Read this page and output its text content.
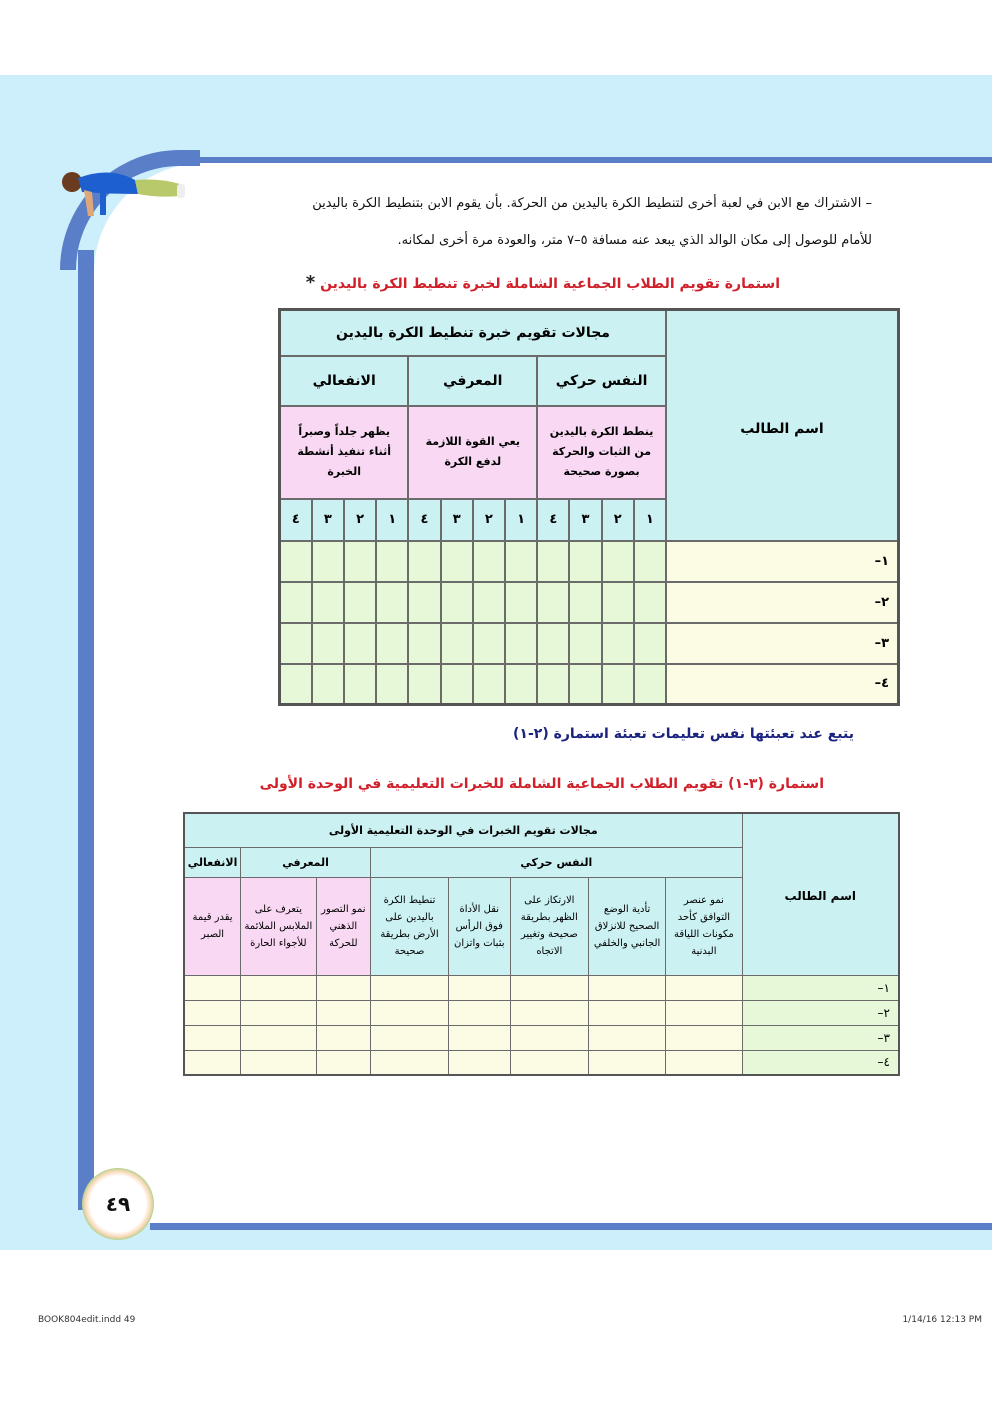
– الاشتراك مع الابن في لعبة أخرى لتنطيط الكرة باليدين من الحركة. بأن يقوم الابن بتنطيط الكرة باليدين
للأمام للوصول إلى مكان الوالد الذي يبعد عنه مسافة ٥–٧ متر، والعودة مرة أخرى لمكانه.
استمارة تقويم الطلاب الجماعية الشاملة لخبرة تنطيط الكرة باليدين *
اسم الطالب	مجالات تقويم خبرة تنطيط الكرة باليدين											
	النفس حركي				المعرفي				الانفعالي			
	ينطط الكرة باليدين من الثبات والحركة بصورة صحيحة				يعي القوة اللازمة لدفع الكرة				يظهر جلداً وصبراً أثناء تنفيذ أنشطة الخبرة			
	١	٢	٣	٤	١	٢	٣	٤	١	٢	٣	٤
١–												
٢–												
٣–												
٤–												
يتبع عند تعبئتها نفس تعليمات تعبئة استمارة (٢-١)
استمارة (٣-١) تقويم الطلاب الجماعية الشاملة للخبرات التعليمية في الوحدة الأولى
اسم الطالب	مجالات تقويم الخبرات في الوحدة التعليمية الأولى							
	النفس حركي					المعرفي		الانفعالي
	نمو عنصر التوافق كأحد مكونات اللياقة البدنية	تأدية الوضع الصحيح للانزلاق الجانبي والخلفي	الارتكاز على الظهر بطريقة صحيحة وتغيير الاتجاه	نقل الأداة فوق الرأس بثبات واتزان	تنطيط الكرة باليدين على الأرض بطريقة صحيحة	نمو التصور الذهني للحركة	يتعرف على الملابس الملائمة للأجواء الحارة	يقدر قيمة الصبر
١–								
٢–								
٣–								
٤–								
٤٩
BOOK804edit.indd 49	1/14/16 12:13 PM
